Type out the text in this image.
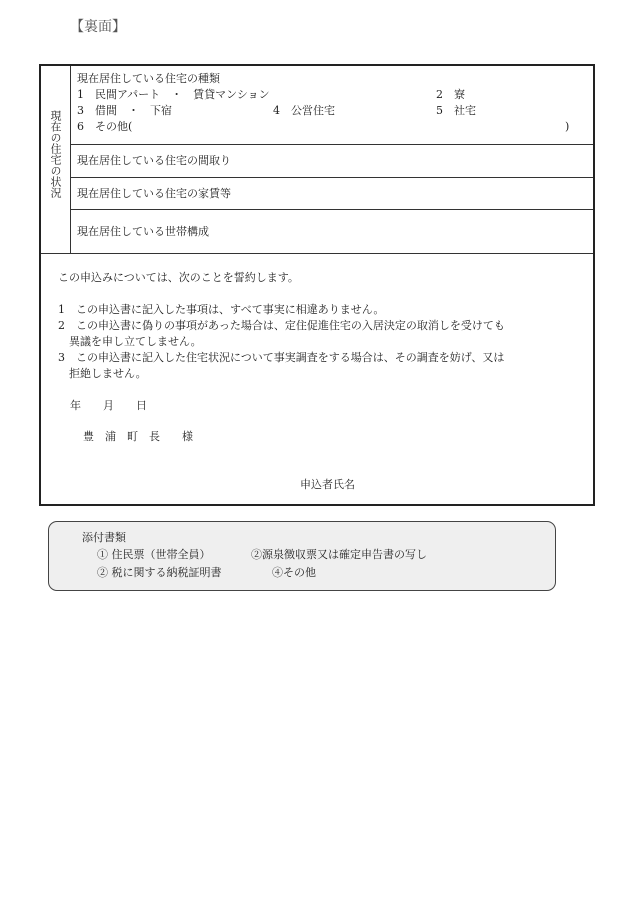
【裏面】
現在の住宅の状況
現在居住している住宅の種類
1　民間アパート　・　賃貸マンション	2　寮
3　借間　・　下宿	4　公営住宅	5　社宅
6　その他(	)
現在居住している住宅の間取り
現在居住している住宅の家賃等
現在居住している世帯構成
この申込みについては、次のことを誓約します。
1　この申込書に記入した事項は、すべて事実に相違ありません。
2　この申込書に偽りの事項があった場合は、定住促進住宅の入居決定の取消しを受けても
異議を申し立てしません。
3　この申込書に記入した住宅状況について事実調査をする場合は、その調査を妨げ、又は
拒絶しません。
年　　月　　日
豊　浦　町　長　　様
申込者氏名
添付書類
① 住民票（世帯全員）	②源泉徴収票又は確定申告書の写し
② 税に関する納税証明書	④その他
